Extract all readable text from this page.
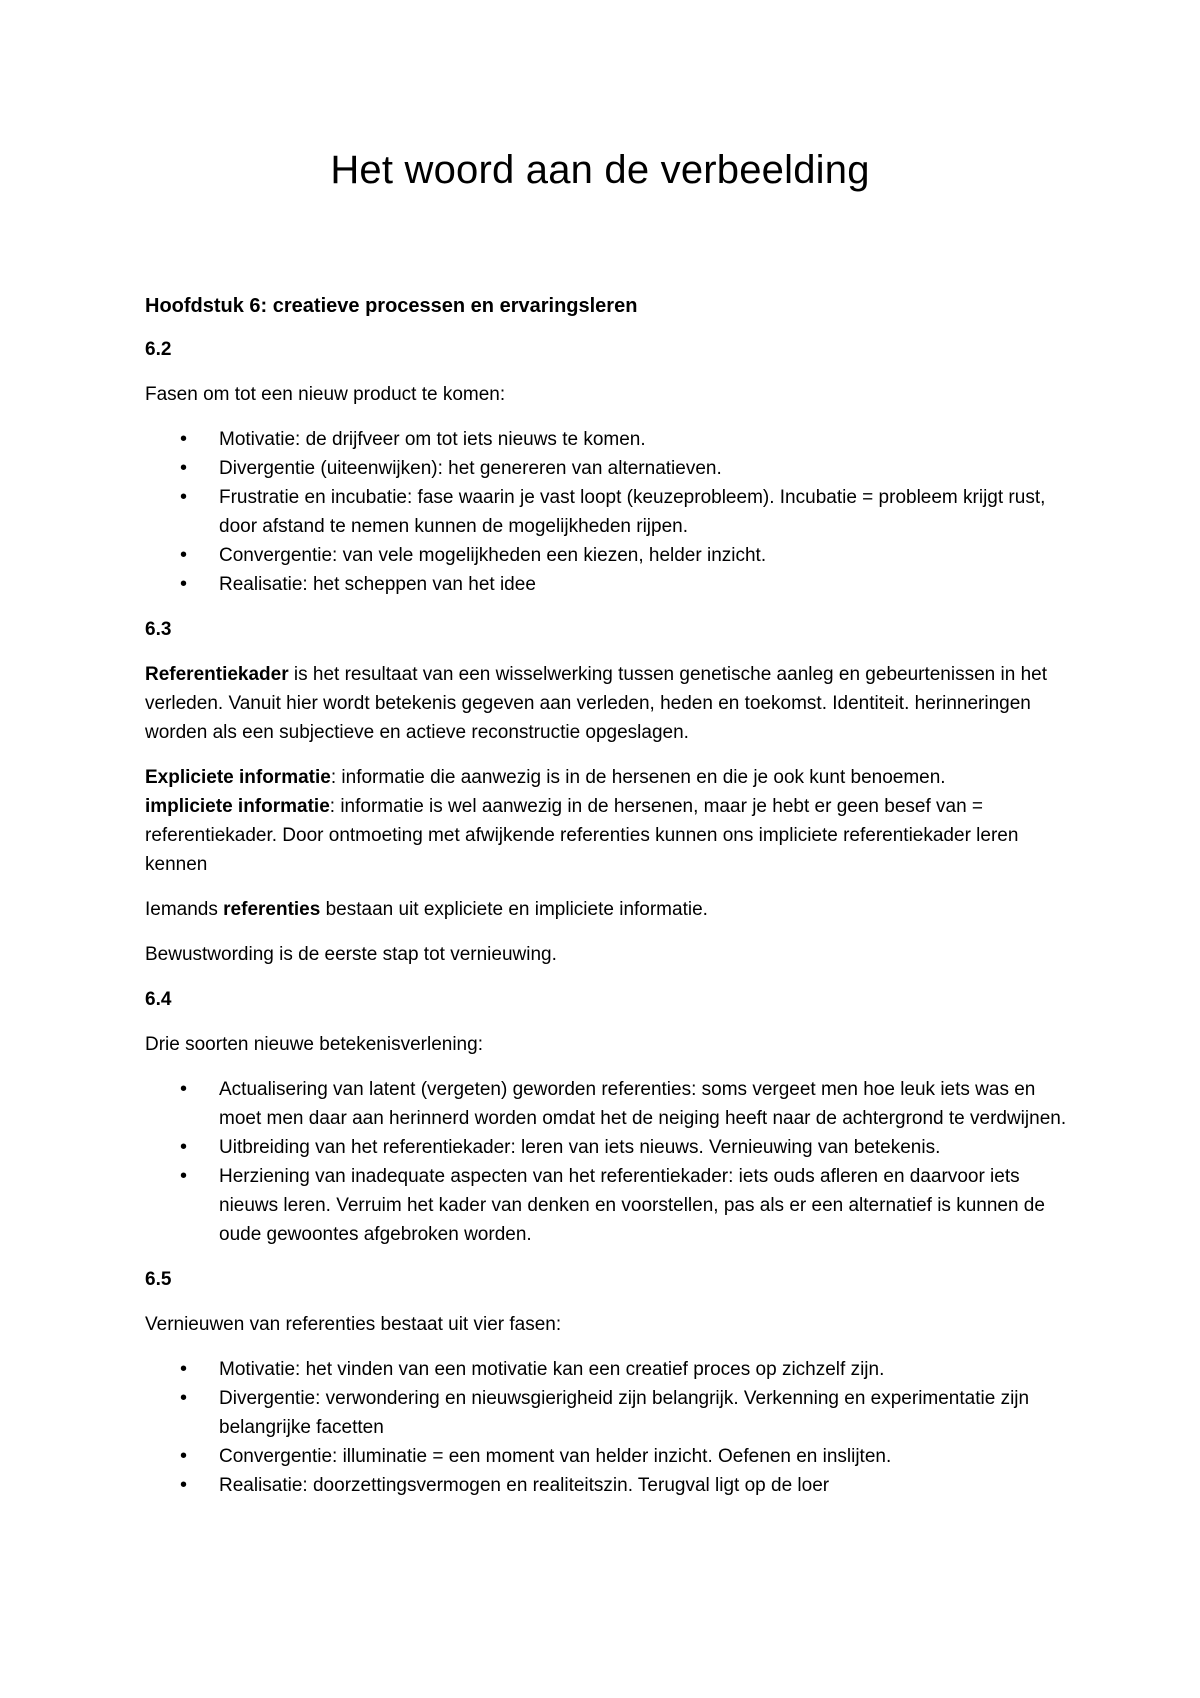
Het woord aan de verbeelding

Hoofdstuk 6: creatieve processen en ervaringsleren

6.2

Fasen om tot een nieuw product te komen:

• Motivatie: de drijfveer om tot iets nieuws te komen.
• Divergentie (uiteenwijken): het genereren van alternatieven.
• Frustratie en incubatie: fase waarin je vast loopt (keuzeprobleem). Incubatie = probleem krijgt rust, door afstand te nemen kunnen de mogelijkheden rijpen.
• Convergentie: van vele mogelijkheden een kiezen, helder inzicht.
• Realisatie: het scheppen van het idee

6.3

Referentiekader is het resultaat van een wisselwerking tussen genetische aanleg en gebeurtenissen in het verleden. Vanuit hier wordt betekenis gegeven aan verleden, heden en toekomst. Identiteit. herinneringen worden als een subjectieve en actieve reconstructie opgeslagen.

Expliciete informatie: informatie die aanwezig is in de hersenen en die je ook kunt benoemen.
impliciete informatie: informatie is wel aanwezig in de hersenen, maar je hebt er geen besef van = referentiekader. Door ontmoeting met afwijkende referenties kunnen ons impliciete referentiekader leren kennen

Iemands referenties bestaan uit expliciete en impliciete informatie.

Bewustwording is de eerste stap tot vernieuwing.

6.4

Drie soorten nieuwe betekenisverlening:

• Actualisering van latent (vergeten) geworden referenties: soms vergeet men hoe leuk iets was en moet men daar aan herinnerd worden omdat het de neiging heeft naar de achtergrond te verdwijnen.
• Uitbreiding van het referentiekader: leren van iets nieuws. Vernieuwing van betekenis.
• Herziening van inadequate aspecten van het referentiekader: iets ouds afleren en daarvoor iets nieuws leren. Verruim het kader van denken en voorstellen, pas als er een alternatief is kunnen de oude gewoontes afgebroken worden.

6.5

Vernieuwen van referenties bestaat uit vier fasen:

• Motivatie: het vinden van een motivatie kan een creatief proces op zichzelf zijn.
• Divergentie: verwondering en nieuwsgierigheid zijn belangrijk. Verkenning en experimentatie zijn belangrijke facetten
• Convergentie: illuminatie = een moment van helder inzicht. Oefenen en inslijten.
• Realisatie: doorzettingsvermogen en realiteitszin. Terugval ligt op de loer
